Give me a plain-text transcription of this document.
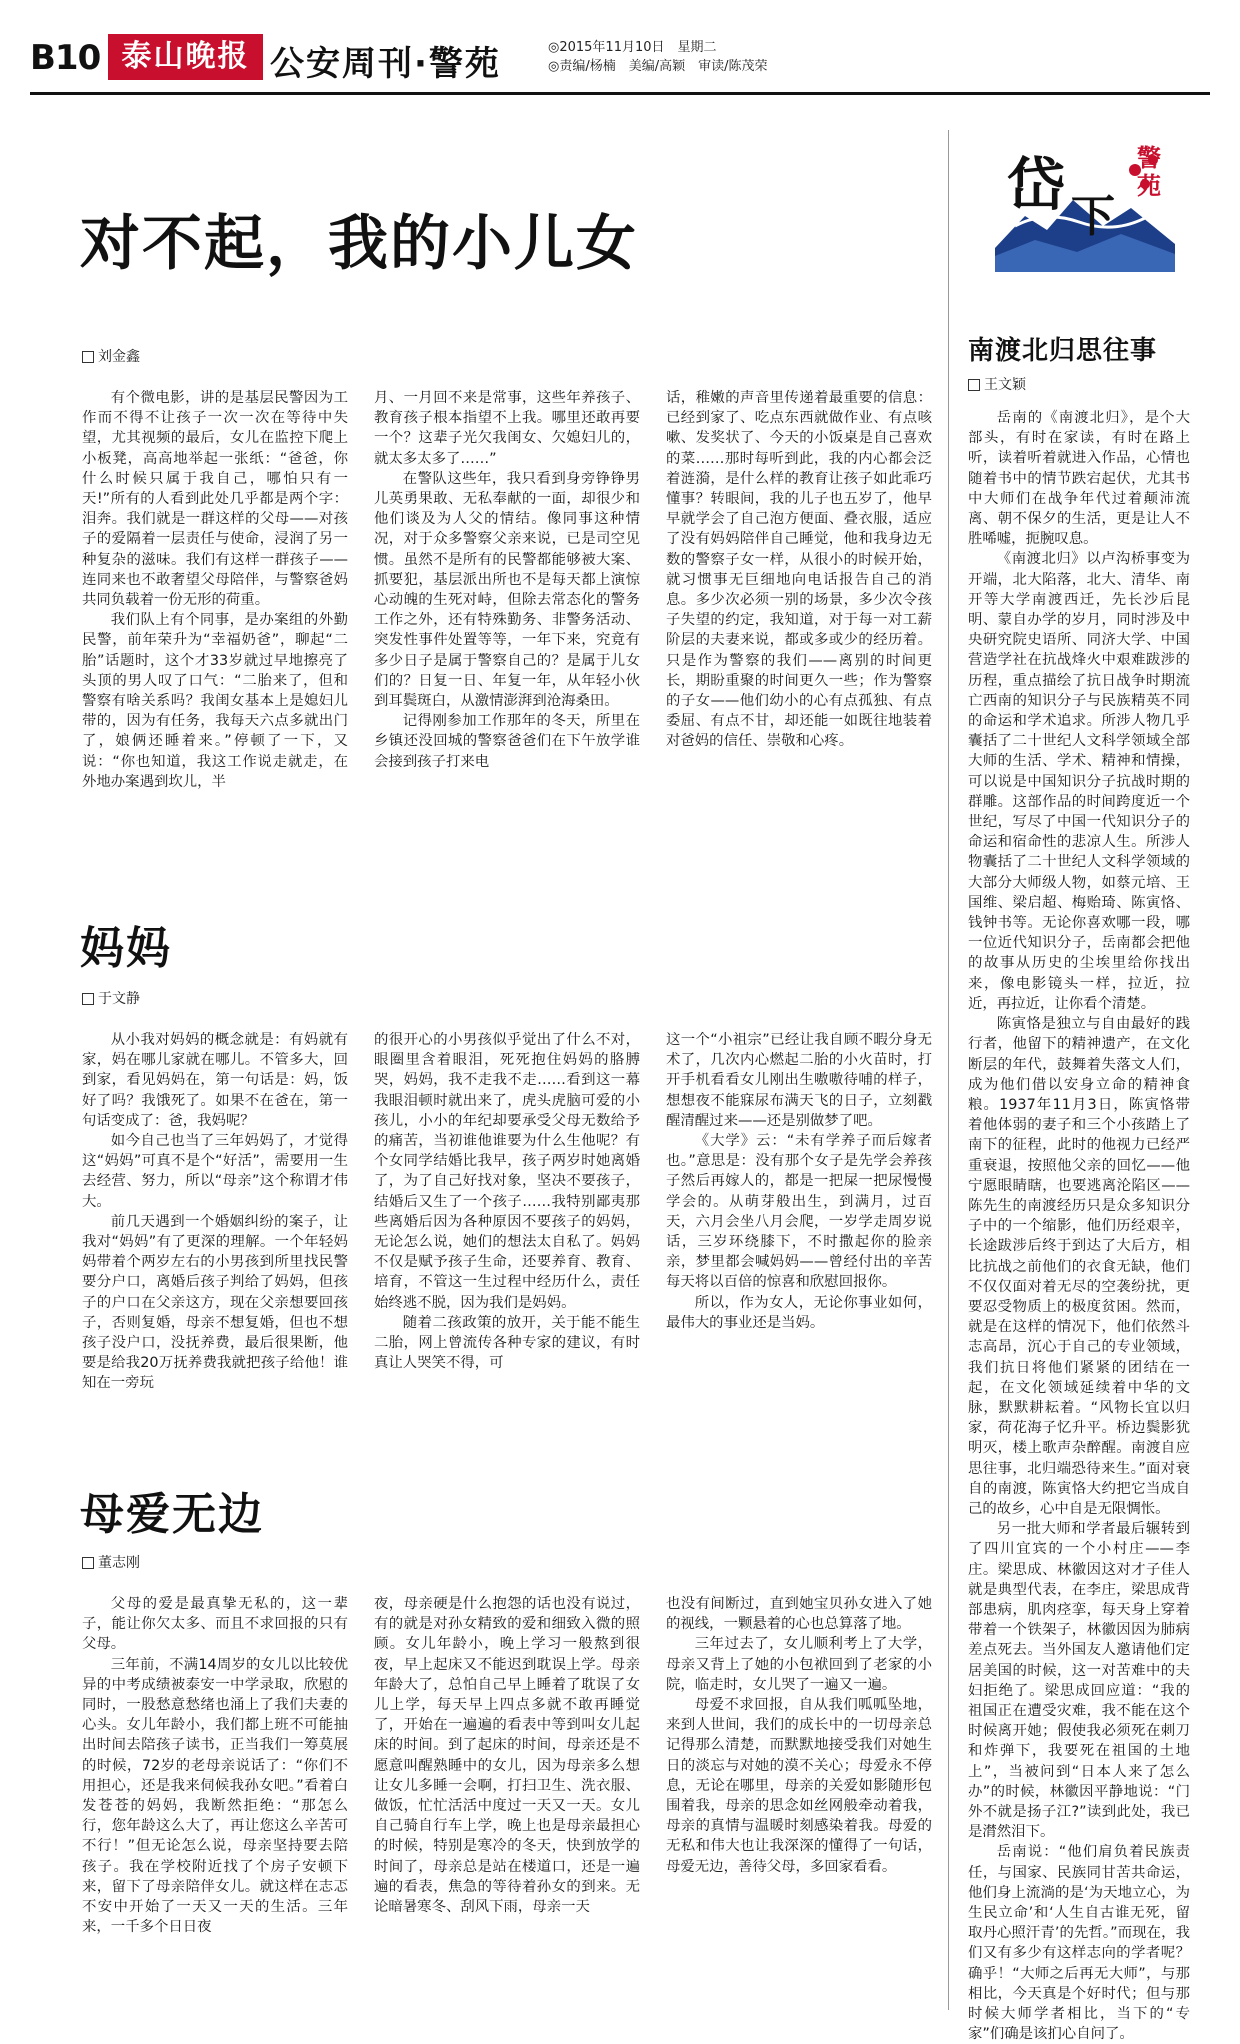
B10 泰山晚报 公安周刊·警苑	◎2015年11月10日　星期二
◎责编/杨楠　美编/高颖　审读/陈茂荣
岱 下
警苑
对不起，我的小儿女
刘金鑫

有个微电影，讲的是基层民警因为工作而不得不让孩子一次一次在等待中失望，尤其视频的最后，女儿在监控下爬上小板凳，高高地举起一张纸：“爸爸，你什么时候只属于我自己，哪怕只有一天!”所有的人看到此处几乎都是两个字：泪奔。我们就是一群这样的父母——对孩子的爱隔着一层责任与使命，浸润了另一种复杂的滋味。我们有这样一群孩子——连同来也不敢奢望父母陪伴，与警察爸妈共同负载着一份无形的荷重。

我们队上有个同事，是办案组的外勤民警，前年荣升为“幸福奶爸”，聊起“二胎”话题时，这个才33岁就过早地擦亮了头顶的男人叹了口气：“二胎来了，但和警察有啥关系吗？我闺女基本上是媳妇儿带的，因为有任务，我每天六点多就出门了，娘俩还睡着来。”停顿了一下，又说：“你也知道，我这工作说走就走，在外地办案遇到坎儿，半

月、一月回不来是常事，这些年养孩子、教育孩子根本指望不上我。哪里还敢再要一个？这辈子光欠我闺女、欠媳妇儿的，就太多太多了……”

在警队这些年，我只看到身旁铮铮男儿英勇果敢、无私奉献的一面，却很少和他们谈及为人父的情结。像同事这种情况，对于众多警察父亲来说，已是司空见惯。虽然不是所有的民警都能够被大案、抓要犯，基层派出所也不是每天都上演惊心动魄的生死对峙，但除去常态化的警务工作之外，还有特殊勤务、非警务活动、突发性事件处置等等，一年下来，究竟有多少日子是属于警察自己的？是属于儿女们的？日复一日、年复一年，从年轻小伙到耳鬓斑白，从激情澎湃到沧海桑田。

记得刚参加工作那年的冬天，所里在乡镇还没回城的警察爸爸们在下午放学谁会接到孩子打来电

话，稚嫩的声音里传递着最重要的信息：已经到家了、吃点东西就做作业、有点咳嗽、发奖状了、今天的小饭桌是自己喜欢的菜……那时每听到此，我的内心都会泛着涟漪，是什么样的教育让孩子如此乖巧懂事？转眼间，我的儿子也五岁了，他早早就学会了自己泡方便面、叠衣服，适应了没有妈妈陪伴自己睡觉，他和我身边无数的警察子女一样，从很小的时候开始，就习惯事无巨细地向电话报告自己的消息。多少次必须一别的场景，多少次令孩子失望的约定，我知道，对于每一对工薪阶层的夫妻来说，都或多或少的经历着。只是作为警察的我们——离别的时间更长，期盼重聚的时间更久一些；作为警察的子女——他们幼小的心有点孤独、有点委屈、有点不甘，却还能一如既往地装着对爸妈的信任、崇敬和心疼。

妈妈
于文静

从小我对妈妈的概念就是：有妈就有家，妈在哪儿家就在哪儿。不管多大，回到家，看见妈妈在，第一句话是：妈，饭好了吗？我饿死了。如果不在爸在，第一句话变成了：爸，我妈呢？

如今自己也当了三年妈妈了，才觉得这“妈妈”可真不是个“好活”，需要用一生去经营、努力，所以“母亲”这个称谓才伟大。

前几天遇到一个婚姻纠纷的案子，让我对“妈妈”有了更深的理解。一个年轻妈妈带着个两岁左右的小男孩到所里找民警要分户口，离婚后孩子判给了妈妈，但孩子的户口在父亲这方，现在父亲想要回孩子，否则复婚，母亲不想复婚，但也不想孩子没户口，没抚养费，最后很果断，他要是给我20万抚养费我就把孩子给他！谁知在一旁玩

的很开心的小男孩似乎觉出了什么不对，眼圈里含着眼泪，死死抱住妈妈的胳膊哭，妈妈，我不走我不走……看到这一幕我眼泪顿时就出来了，虎头虎脑可爱的小孩儿，小小的年纪却要承受父母无数给予的痛苦，当初谁他谁要为什么生他呢？有个女同学结婚比我早，孩子两岁时她离婚了，为了自己好找对象，坚决不要孩子，结婚后又生了一个孩子……我特别鄙夷那些离婚后因为各种原因不要孩子的妈妈，无论怎么说，她们的想法太自私了。妈妈不仅是赋予孩子生命，还要养育、教育、培育，不管这一生过程中经历什么，责任始终逃不脱，因为我们是妈妈。

随着二孩政策的放开，关于能不能生二胎，网上曾流传各种专家的建议，有时真让人哭笑不得，可

这一个“小祖宗”已经让我自顾不暇分身无术了，几次内心燃起二胎的小火苗时，打开手机看看女儿刚出生嗷嗷待哺的样子，想想夜不能寐尿布满天飞的日子，立刻戳醒清醒过来——还是别做梦了吧。

《大学》云：“未有学养子而后嫁者也。”意思是：没有那个女子是先学会养孩子然后再嫁人的，都是一把屎一把尿慢慢学会的。从萌芽般出生，到满月，过百天，六月会坐八月会爬，一岁学走周岁说话，三岁环绕膝下，不时撒起你的脸亲亲，梦里都会喊妈妈——曾经付出的辛苦每天将以百倍的惊喜和欣慰回报你。

所以，作为女人，无论你事业如何，最伟大的事业还是当妈。

母爱无边
董志刚

父母的爱是最真挚无私的，这一辈子，能让你欠太多、而且不求回报的只有父母。

三年前，不满14周岁的女儿以比较优异的中考成绩被泰安一中学录取，欣慰的同时，一股愁意愁绪也涌上了我们夫妻的心头。女儿年龄小，我们都上班不可能抽出时间去陪孩子读书，正当我们一筹莫展的时候，72岁的老母亲说话了：“你们不用担心，还是我来伺候我孙女吧。”看着白发苍苍的妈妈，我断然拒绝：“那怎么行，您年龄这么大了，再让您这么辛苦可不行！”但无论怎么说，母亲坚持要去陪孩子。我在学校附近找了个房子安顿下来，留下了母亲陪伴女儿。就这样在志忑不安中开始了一天又一天的生活。三年来，一千多个日日夜

夜，母亲硬是什么抱怨的话也没有说过，有的就是对孙女精致的爱和细致入微的照顾。女儿年龄小，晚上学习一般熬到很夜，早上起床又不能迟到耽误上学。母亲年龄大了，总怕自己早上睡着了耽误了女儿上学，每天早上四点多就不敢再睡觉了，开始在一遍遍的看表中等到叫女儿起床的时间。到了起床的时间，母亲还是不愿意叫醒熟睡中的女儿，因为母亲多么想让女儿多睡一会啊，打扫卫生、洗衣服、做饭，忙忙活活中度过一天又一天。女儿自己骑自行车上学，晚上也是母亲最担心的时候，特别是寒冷的冬天，快到放学的时间了，母亲总是站在楼道口，还是一遍遍的看表，焦急的等待着孙女的到来。无论暗暑寒冬、刮风下雨，母亲一天

也没有间断过，直到她宝贝孙女进入了她的视线，一颗悬着的心也总算落了地。

三年过去了，女儿顺利考上了大学，母亲又背上了她的小包袱回到了老家的小院，临走时，女儿哭了一遍又一遍。

母爱不求回报，自从我们呱呱坠地，来到人世间，我们的成长中的一切母亲总记得那么清楚，而默默地接受我们对她生日的淡忘与对她的漠不关心；母爱永不停息，无论在哪里，母亲的关爱如影随形包围着我，母亲的思念如丝网般牵动着我，母亲的真情与温暖时刻感染着我。母爱的无私和伟大也让我深深的懂得了一句话，母爱无边，善待父母，多回家看看。

南渡北归思往事
王文颖

岳南的《南渡北归》，是个大部头，有时在家读，有时在路上听，读着听着就进入作品，心情也随着书中的情节跌宕起伏，尤其书中大师们在战争年代过着颠沛流离、朝不保夕的生活，更是让人不胜唏嘘，扼腕叹息。

《南渡北归》以卢沟桥事变为开端，北大陷落，北大、清华、南开等大学南渡西迁，先长沙后昆明、蒙自办学的岁月，同时涉及中央研究院史语所、同济大学、中国营造学社在抗战烽火中艰难跋涉的历程，重点描绘了抗日战争时期流亡西南的知识分子与民族精英不同的命运和学术追求。所涉人物几乎囊括了二十世纪人文科学领域全部大师的生活、学术、精神和情操，可以说是中国知识分子抗战时期的群雕。这部作品的时间跨度近一个世纪，写尽了中国一代知识分子的命运和宿命性的悲凉人生。所涉人物囊括了二十世纪人文科学领域的大部分大师级人物，如蔡元培、王国维、梁启超、梅贻琦、陈寅恪、钱钟书等。无论你喜欢哪一段，哪一位近代知识分子，岳南都会把他的故事从历史的尘埃里给你找出来，像电影镜头一样，拉近，拉近，再拉近，让你看个清楚。

陈寅恪是独立与自由最好的践行者，他留下的精神遗产，在文化断层的年代，鼓舞着失落文人们，成为他们借以安身立命的精神食粮。1937年11月3日，陈寅恪带着他体弱的妻子和三个小孩踏上了南下的征程，此时的他视力已经严重衰退，按照他父亲的回忆——他宁愿眼睛瞎，也要逃离沦陷区——陈先生的南渡经历只是众多知识分子中的一个缩影，他们历经艰辛，长途跋涉后终于到达了大后方，相比抗战之前他们的衣食无缺，他们不仅仅面对着无尽的空袭纷扰，更要忍受物质上的极度贫困。然而，就是在这样的情况下，他们依然斗志高昂，沉心于自己的专业领域，我们抗日将他们紧紧的团结在一起，在文化领域延续着中华的文脉，默默耕耘着。“风物长宜以归家，荷花海子忆升平。桥边鬓影犹明灭，楼上歌声杂醉醒。南渡自应思往事，北归端恐待来生。”面对衰自的南渡，陈寅恪大约把它当成自己的故乡，心中自是无限惆怅。

另一批大师和学者最后辗转到了四川宜宾的一个小村庄——李庄。梁思成、林徽因这对才子佳人就是典型代表，在李庄，梁思成背部患病，肌肉痉挛，每天身上穿着带着一个铁架子，林徽因因为肺病差点死去。当外国友人邀请他们定居美国的时候，这一对苦难中的夫妇拒绝了。梁思成回应道：“我的祖国正在遭受灾难，我不能在这个时候离开她；假使我必须死在刺刀和炸弹下，我要死在祖国的土地上”，当被问到“日本人来了怎么办”的时候，林徽因平静地说：“门外不就是扬子江?”读到此处，我已是潸然泪下。

岳南说：“他们肩负着民族责任，与国家、民族同甘苦共命运，他们身上流淌的是‘为天地立心，为生民立命’和‘人生自古谁无死，留取丹心照汗青’的先哲。”而现在，我们又有多少有这样志向的学者呢？确乎！“大师之后再无大师”，与那相比，今天真是个好时代；但与那时候大师学者相比，当下的“专家”们确是该扪心自问了。
